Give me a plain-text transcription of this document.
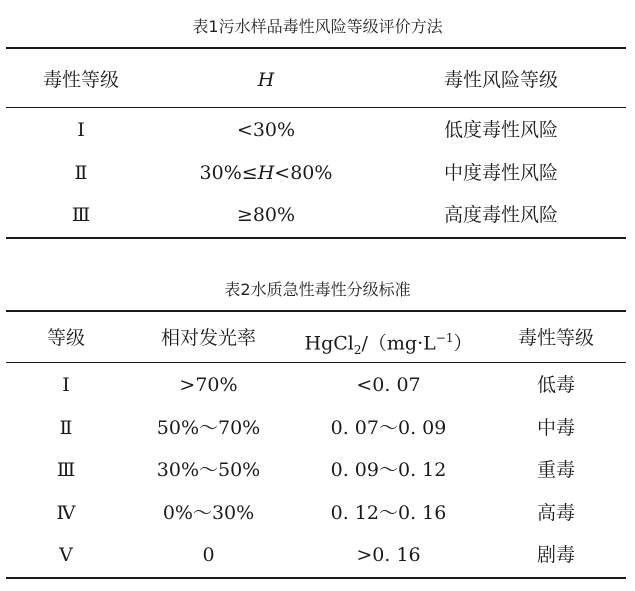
表1污水样品毒性风险等级评价方法
毒性等级	H	毒性风险等级
Ⅰ	<30%	低度毒性风险
Ⅱ	30%≤H<80%	中度毒性风险
Ⅲ	≥80%	高度毒性风险
表2水质急性毒性分级标准
等级	相对发光率	$HgCl_2/(mg\cdot L^{-1})$	毒性等级
Ⅰ	>70%	<0. 07	低毒
Ⅱ	50%～70%	0. 07～0. 09	中毒
Ⅲ	30%～50%	0. 09～0. 12	重毒
Ⅳ	0%～30%	0. 12～0. 16	高毒
Ⅴ	0	>0. 16	剧毒
